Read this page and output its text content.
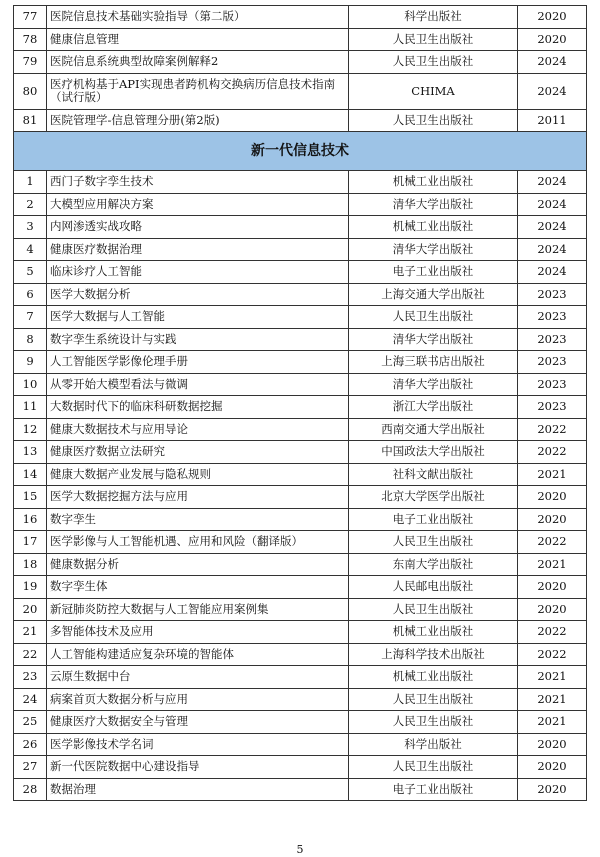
77	医院信息技术基础实验指导（第二版）	科学出版社	2020
78	健康信息管理	人民卫生出版社	2020
79	医院信息系统典型故障案例解释2	人民卫生出版社	2024
80	医疗机构基于API实现患者跨机构交换病历信息技术指南（试行版）	CHIMA	2024
81	医院管理学-信息管理分册(第2版)	人民卫生出版社	2011
新一代信息技术			
1	西门子数字孪生技术	机械工业出版社	2024
2	大模型应用解决方案	清华大学出版社	2024
3	内网渗透实战攻略	机械工业出版社	2024
4	健康医疗数据治理	清华大学出版社	2024
5	临床诊疗人工智能	电子工业出版社	2024
6	医学大数据分析	上海交通大学出版社	2023
7	医学大数据与人工智能	人民卫生出版社	2023
8	数字孪生系统设计与实践	清华大学出版社	2023
9	人工智能医学影像伦理手册	上海三联书店出版社	2023
10	从零开始大模型看法与微调	清华大学出版社	2023
11	大数据时代下的临床科研数据挖掘	浙江大学出版社	2023
12	健康大数据技术与应用导论	西南交通大学出版社	2022
13	健康医疗数据立法研究	中国政法大学出版社	2022
14	健康大数据产业发展与隐私规则	社科文献出版社	2021
15	医学大数据挖掘方法与应用	北京大学医学出版社	2020
16	数字孪生	电子工业出版社	2020
17	医学影像与人工智能机遇、应用和风险（翻译版）	人民卫生出版社	2022
18	健康数据分析	东南大学出版社	2021
19	数字孪生体	人民邮电出版社	2020
20	新冠肺炎防控大数据与人工智能应用案例集	人民卫生出版社	2020
21	多智能体技术及应用	机械工业出版社	2022
22	人工智能构建适应复杂环境的智能体	上海科学技术出版社	2022
23	云原生数据中台	机械工业出版社	2021
24	病案首页大数据分析与应用	人民卫生出版社	2021
25	健康医疗大数据安全与管理	人民卫生出版社	2021
26	医学影像技术学名词	科学出版社	2020
27	新一代医院数据中心建设指导	人民卫生出版社	2020
28	数据治理	电子工业出版社	2020
5
